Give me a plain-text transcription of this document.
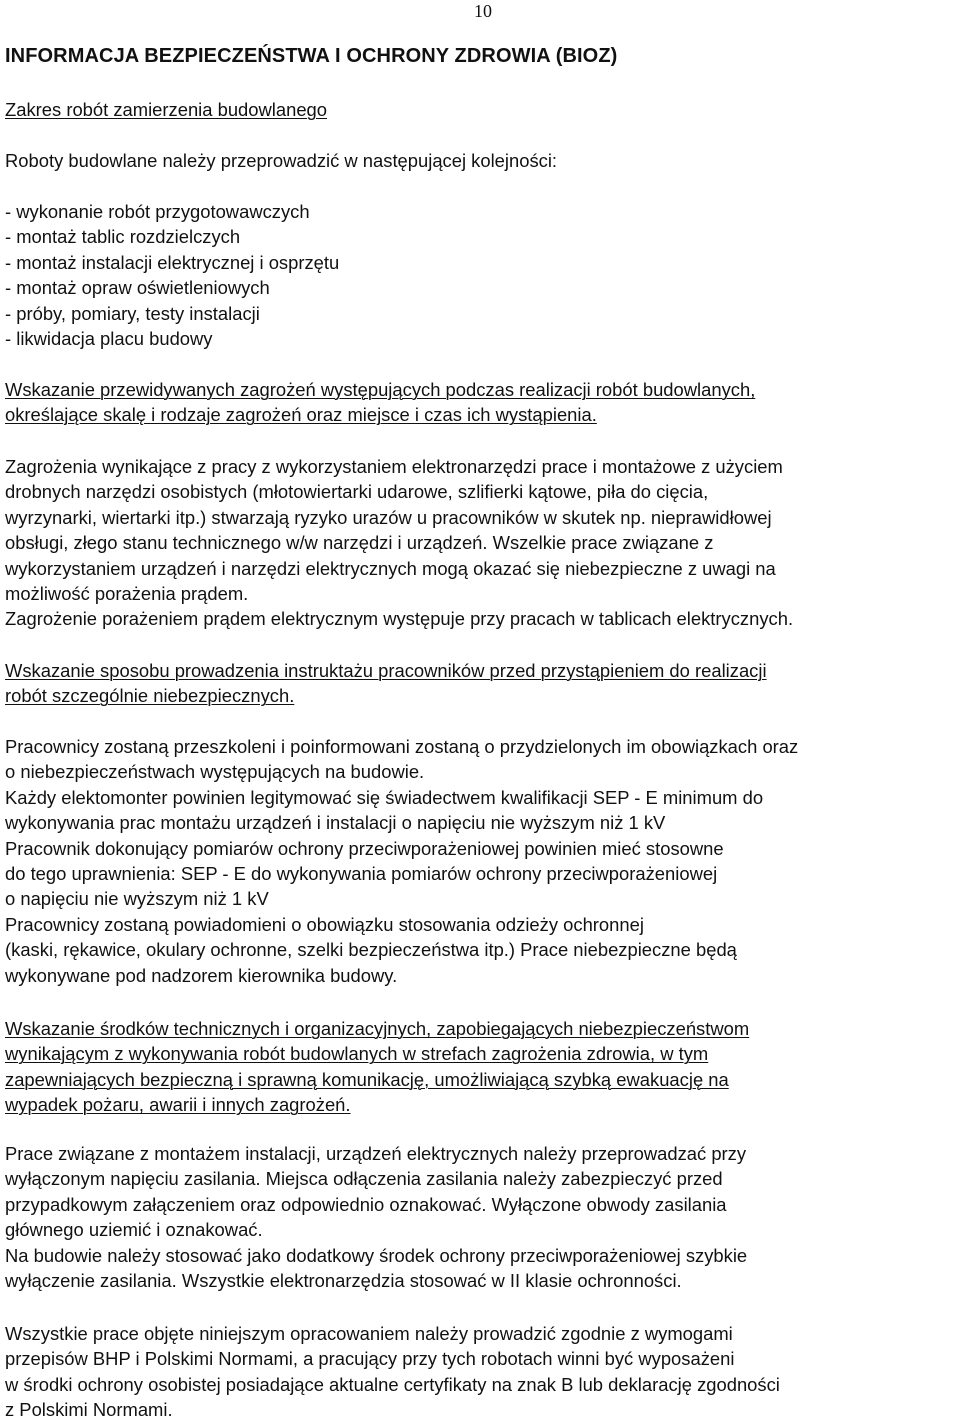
10
INFORMACJA BEZPIECZEŃSTWA I OCHRONY ZDROWIA (BIOZ)
Zakres robót zamierzenia budowlanego
Roboty budowlane należy przeprowadzić w następującej kolejności:
- wykonanie robót przygotowawczych
- montaż tablic rozdzielczych
- montaż instalacji elektrycznej i osprzętu
- montaż opraw oświetleniowych
- próby, pomiary, testy instalacji
- likwidacja placu budowy
Wskazanie przewidywanych zagrożeń występujących podczas realizacji robót budowlanych,
określające skalę i rodzaje zagrożeń oraz miejsce i czas ich wystąpienia.
Zagrożenia wynikające z pracy z wykorzystaniem elektronarzędzi prace i montażowe z użyciem
drobnych narzędzi osobistych (młotowiertarki udarowe, szlifierki kątowe, piła do cięcia,
wyrzynarki, wiertarki itp.) stwarzają ryzyko urazów u pracowników w skutek np. nieprawidłowej
obsługi, złego stanu technicznego w/w narzędzi i urządzeń. Wszelkie prace związane z
wykorzystaniem urządzeń i narzędzi elektrycznych mogą okazać się niebezpieczne z uwagi na
możliwość porażenia prądem.
Zagrożenie porażeniem prądem elektrycznym występuje przy pracach w tablicach elektrycznych.
Wskazanie sposobu prowadzenia instruktażu pracowników przed przystąpieniem do realizacji
robót szczególnie niebezpiecznych.
Pracownicy zostaną przeszkoleni i poinformowani zostaną o przydzielonych im obowiązkach oraz
o niebezpieczeństwach występujących na budowie.
Każdy elektomonter powinien legitymować się świadectwem kwalifikacji SEP - E minimum do
wykonywania prac montażu urządzeń i instalacji o napięciu nie wyższym niż 1 kV
Pracownik dokonujący pomiarów ochrony przeciwporażeniowej powinien mieć stosowne
do tego uprawnienia: SEP - E do wykonywania pomiarów ochrony przeciwporażeniowej
o napięciu nie wyższym niż 1 kV
Pracownicy zostaną powiadomieni o obowiązku stosowania odzieży ochronnej
(kaski, rękawice, okulary ochronne, szelki bezpieczeństwa itp.) Prace niebezpieczne będą
wykonywane pod nadzorem kierownika budowy.
Wskazanie środków technicznych i organizacyjnych, zapobiegających niebezpieczeństwom
wynikającym z wykonywania robót budowlanych w strefach zagrożenia zdrowia, w tym
zapewniających bezpieczną i sprawną komunikację, umożliwiającą szybką ewakuację na
wypadek pożaru, awarii i innych zagrożeń.
Prace związane z montażem instalacji, urządzeń elektrycznych należy przeprowadzać przy
wyłączonym napięciu zasilania. Miejsca odłączenia zasilania należy zabezpieczyć przed
przypadkowym załączeniem oraz odpowiednio oznakować. Wyłączone obwody zasilania
głównego uziemić i oznakować.
Na budowie należy stosować jako dodatkowy środek ochrony przeciwporażeniowej szybkie
wyłączenie zasilania. Wszystkie elektronarzędzia stosować w II klasie ochronności.
Wszystkie prace objęte niniejszym opracowaniem należy prowadzić zgodnie z wymogami
przepisów BHP i Polskimi Normami, a pracujący przy tych robotach winni być wyposażeni
w środki ochrony osobistej posiadające aktualne certyfikaty na znak B lub deklarację zgodności
z Polskimi Normami.
